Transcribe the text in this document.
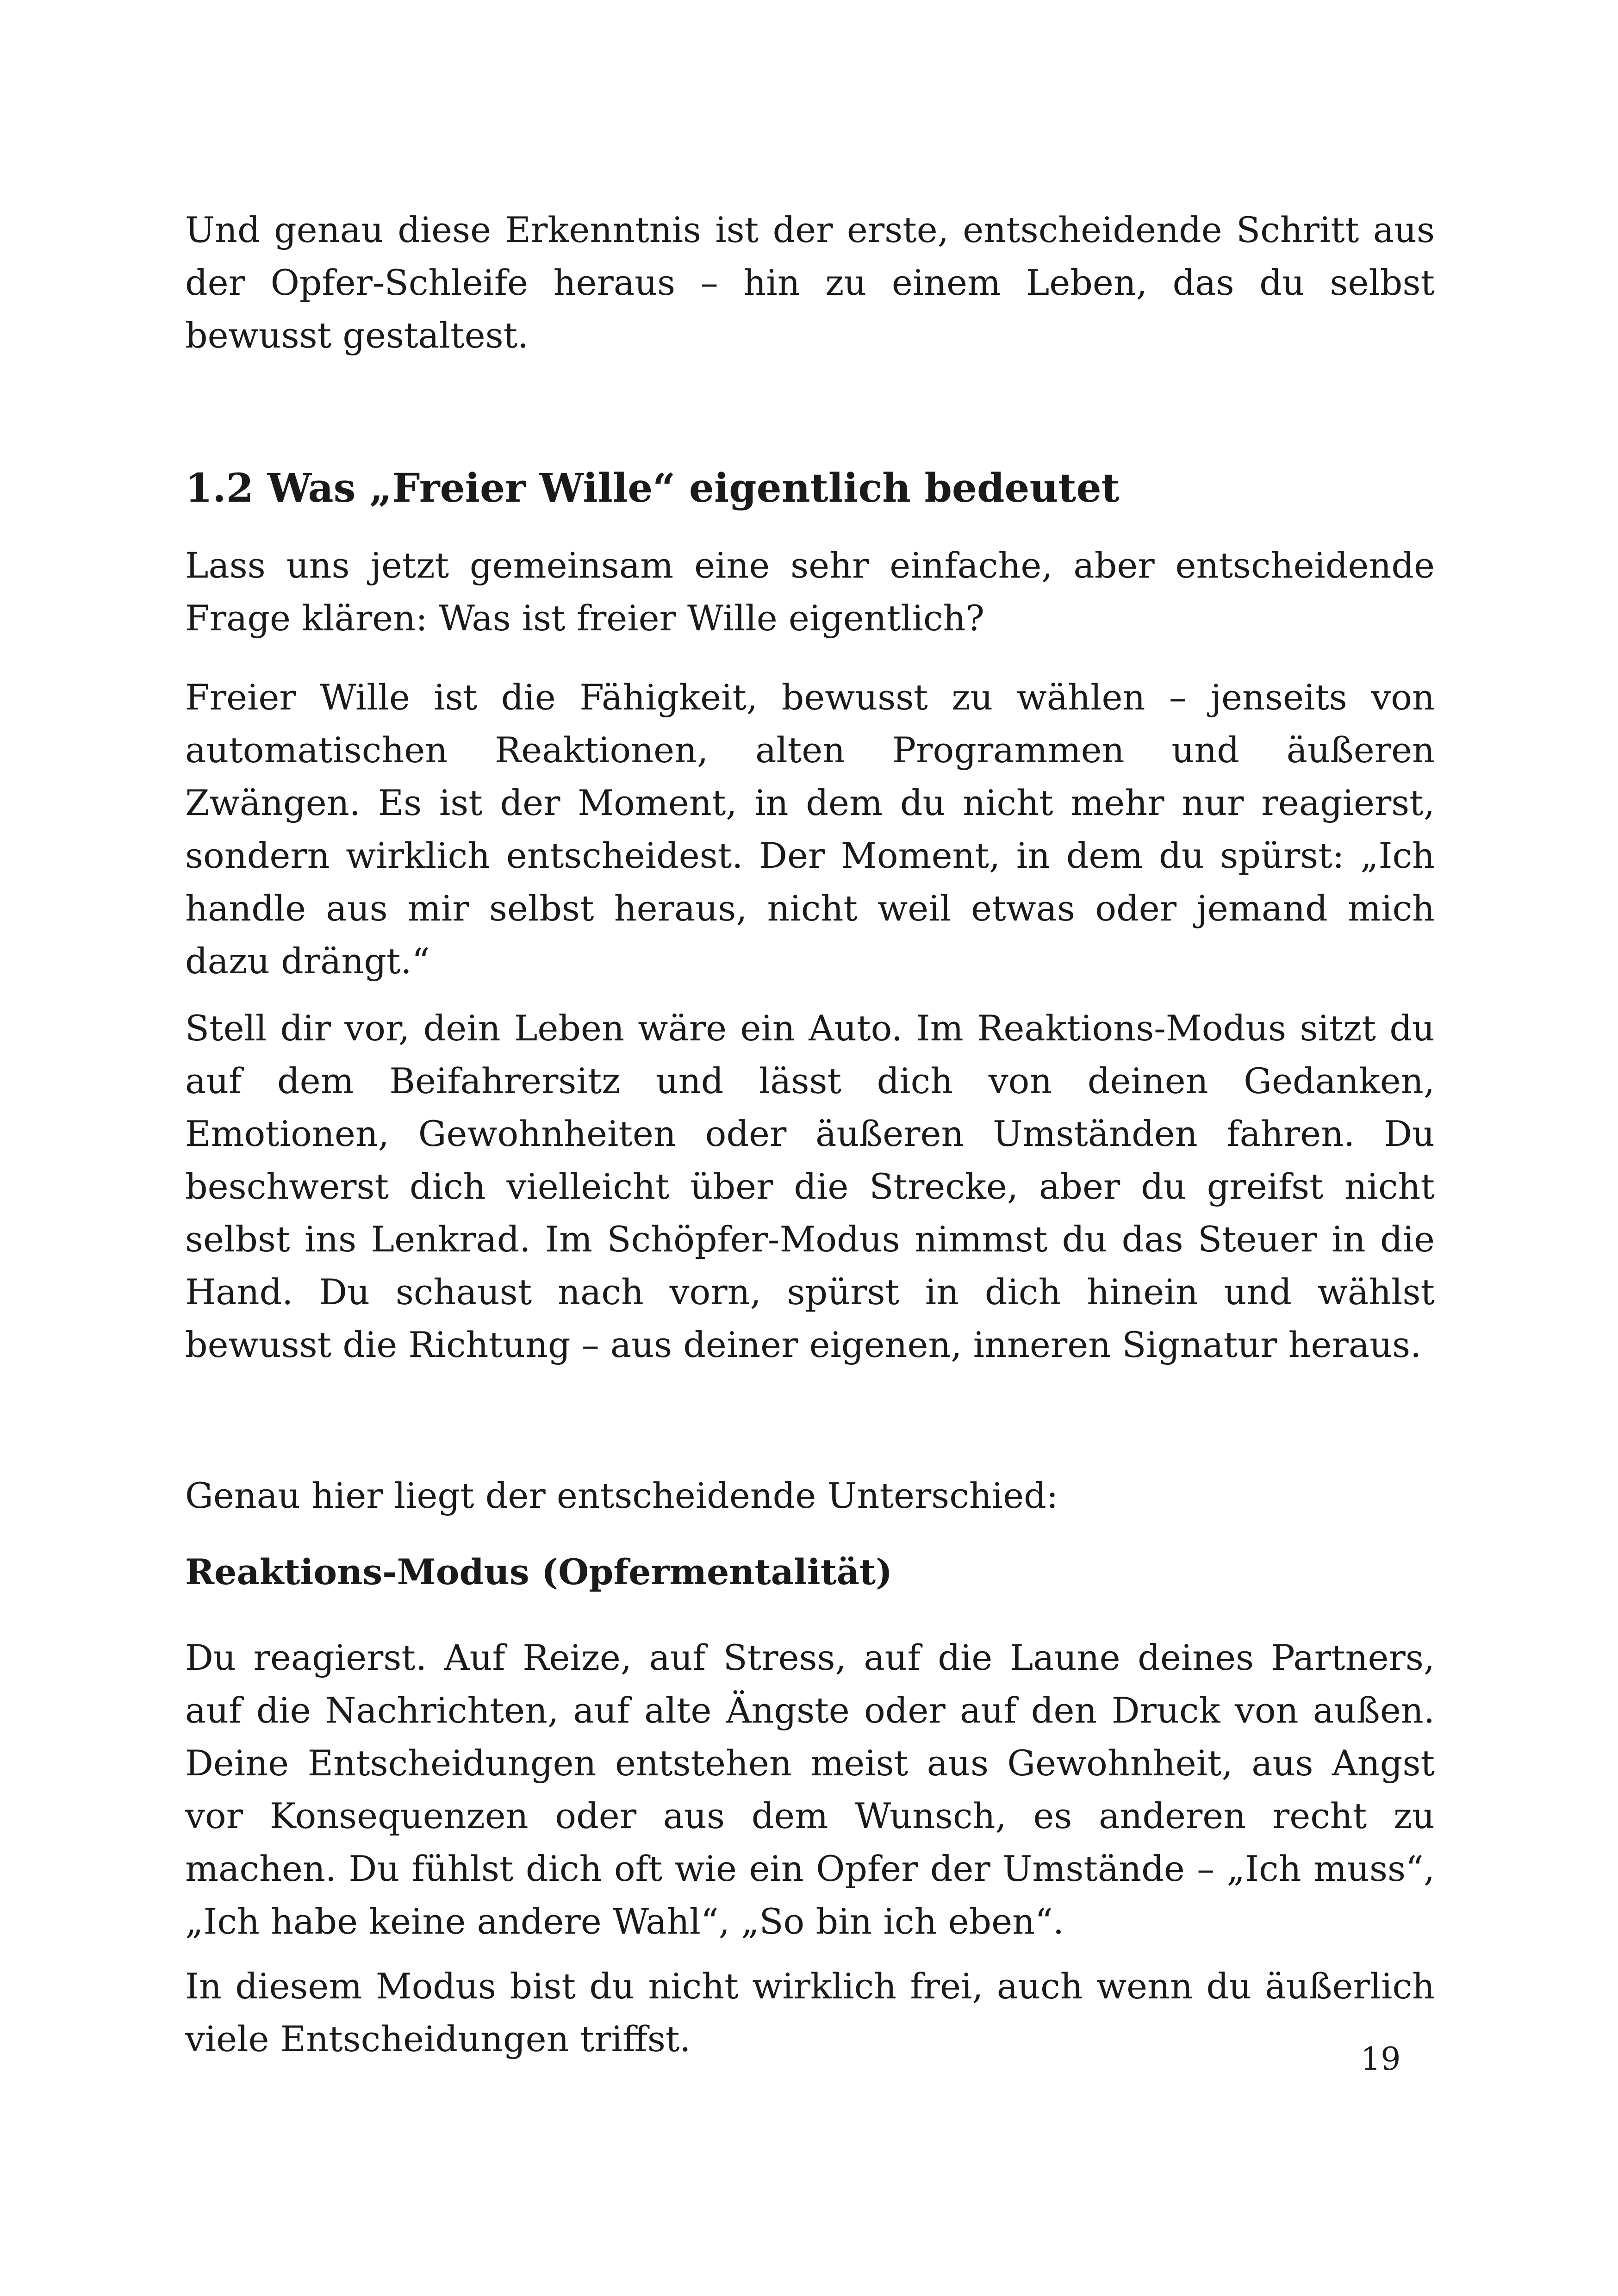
Und genau diese Erkenntnis ist der erste, entscheidende Schritt aus der Opfer-Schleife heraus – hin zu einem Leben, das du selbst bewusst gestaltest.

1.2 Was „Freier Wille“ eigentlich bedeutet

Lass uns jetzt gemeinsam eine sehr einfache, aber entscheidende Frage klären: Was ist freier Wille eigentlich?

Freier Wille ist die Fähigkeit, bewusst zu wählen – jenseits von automatischen Reaktionen, alten Programmen und äußeren Zwängen. Es ist der Moment, in dem du nicht mehr nur reagierst, sondern wirklich entscheidest. Der Moment, in dem du spürst: „Ich handle aus mir selbst heraus, nicht weil etwas oder jemand mich dazu drängt.“

Stell dir vor, dein Leben wäre ein Auto. Im Reaktions-Modus sitzt du auf dem Beifahrersitz und lässt dich von deinen Gedanken, Emotionen, Gewohnheiten oder äußeren Umständen fahren. Du beschwerst dich vielleicht über die Strecke, aber du greifst nicht selbst ins Lenkrad. Im Schöpfer-Modus nimmst du das Steuer in die Hand. Du schaust nach vorn, spürst in dich hinein und wählst bewusst die Richtung – aus deiner eigenen, inneren Signatur heraus.

Genau hier liegt der entscheidende Unterschied:

Reaktions-Modus (Opfermentalität)

Du reagierst. Auf Reize, auf Stress, auf die Laune deines Partners, auf die Nachrichten, auf alte Ängste oder auf den Druck von außen. Deine Entscheidungen entstehen meist aus Gewohnheit, aus Angst vor Konsequenzen oder aus dem Wunsch, es anderen recht zu machen. Du fühlst dich oft wie ein Opfer der Umstände – „Ich muss“, „Ich habe keine andere Wahl“, „So bin ich eben“.

In diesem Modus bist du nicht wirklich frei, auch wenn du äußerlich viele Entscheidungen triffst.	19
